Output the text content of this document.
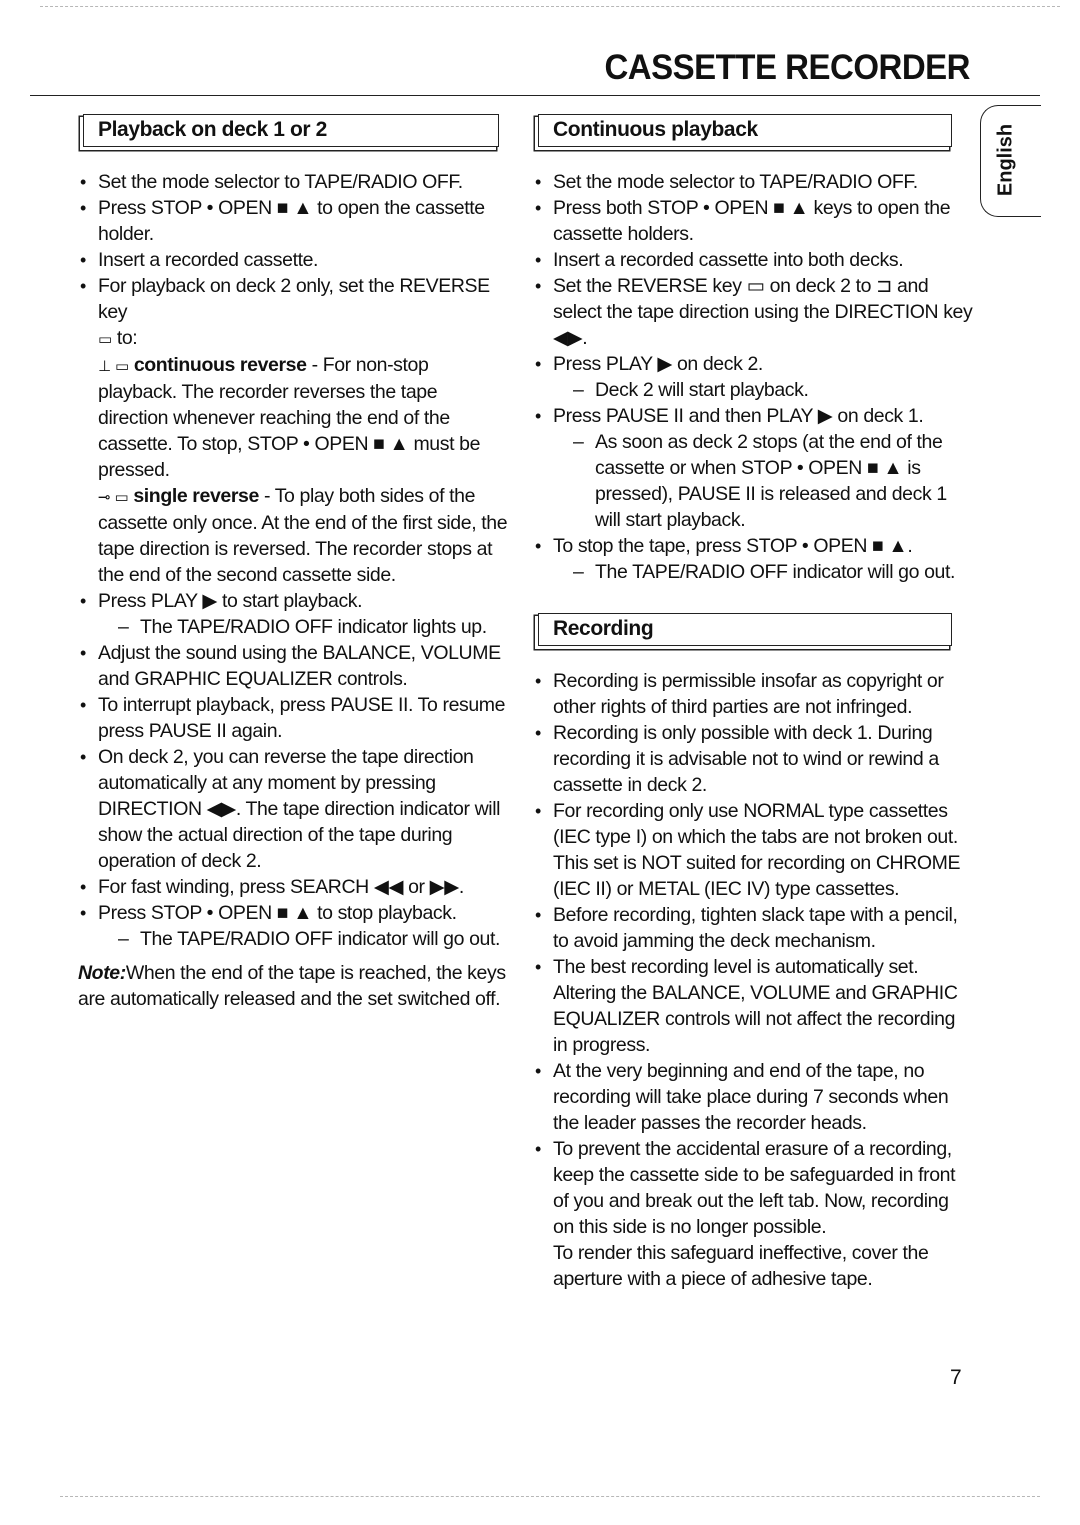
CASSETTE RECORDER
English
Playback on deck 1 or 2
• Set the mode selector to TAPE/RADIO OFF.
• Press STOP • OPEN ■ ▲ to open the cassette holder.
• Insert a recorded cassette.
• For playback on deck 2 only, set the REVERSE key
▭ to:
⊥ ▭ continuous reverse - For non-stop playback. The recorder reverses the tape direction whenever reaching the end of the cassette. To stop, STOP • OPEN ■ ▲ must be pressed.
⊸ ▭ single reverse - To play both sides of the cassette only once. At the end of the first side, the tape direction is reversed. The recorder stops at the end of the second cassette side.
• Press PLAY ▶ to start playback.
– The TAPE/RADIO OFF indicator lights up.
• Adjust the sound using the BALANCE, VOLUME and GRAPHIC EQUALIZER controls.
• To interrupt playback, press PAUSE II. To resume press PAUSE II again.
• On deck 2, you can reverse the tape direction automatically at any moment by pressing DIRECTION ◀▶. The tape direction indicator will show the actual direction of the tape during operation of deck 2.
• For fast winding, press SEARCH ◀◀ or ▶▶.
• Press STOP • OPEN ■ ▲ to stop playback.
– The TAPE/RADIO OFF indicator will go out.
Note:When the end of the tape is reached, the keys are automatically released and the set switched off.
Continuous playback
• Set the mode selector to TAPE/RADIO OFF.
• Press both STOP • OPEN ■ ▲ keys to open the cassette holders.
• Insert a recorded cassette into both decks.
• Set the REVERSE key ▭ on deck 2 to ⊐ and select the tape direction using the DIRECTION key ◀▶.
• Press PLAY ▶ on deck 2.
– Deck 2 will start playback.
• Press PAUSE II and then PLAY ▶ on deck 1.
– As soon as deck 2 stops (at the end of the cassette or when STOP • OPEN ■ ▲ is pressed), PAUSE II is released and deck 1 will start playback.
• To stop the tape, press STOP • OPEN ■ ▲.
– The TAPE/RADIO OFF indicator will go out.
Recording
• Recording is permissible insofar as copyright or other rights of third parties are not infringed.
• Recording is only possible with deck 1. During recording it is advisable not to wind or rewind a cassette in deck 2.
• For recording only use NORMAL type cassettes (IEC type I) on which the tabs are not broken out.
This set is NOT suited for recording on CHROME (IEC II) or METAL (IEC IV) type cassettes.
• Before recording, tighten slack tape with a pencil, to avoid jamming the deck mechanism.
• The best recording level is automatically set. Altering the BALANCE, VOLUME and GRAPHIC EQUALIZER controls will not affect the recording in progress.
• At the very beginning and end of the tape, no recording will take place during 7 seconds when the leader passes the recorder heads.
• To prevent the accidental erasure of a recording, keep the cassette side to be safeguarded in front of you and break out the left tab. Now, recording on this side is no longer possible.
To render this safeguard ineffective, cover the aperture with a piece of adhesive tape.
7
